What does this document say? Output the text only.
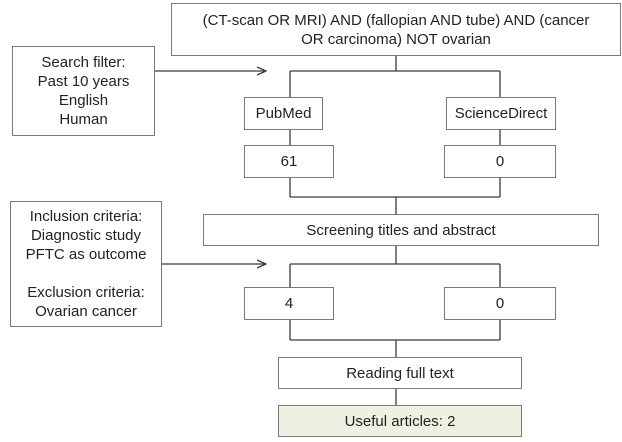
(CT-scan OR MRI) AND (fallopian AND tube) AND (cancer
OR carcinoma) NOT ovarian
Search filter:
Past 10 years
English
Human	PubMed	ScienceDirect
61	0
Screening titles and abstract
Inclusion criteria:
Diagnostic study
PFTC as outcome
Exclusion criteria:
Ovarian cancer	4	0
Reading full text
Useful articles: 2
